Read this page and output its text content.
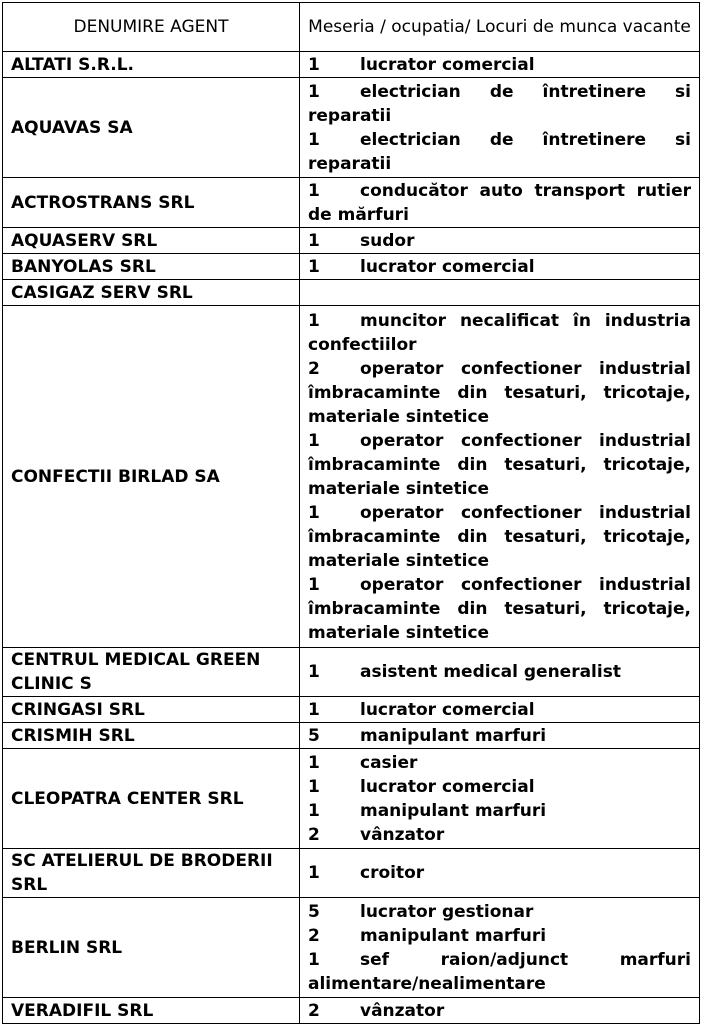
DENUMIRE AGENT	Meseria / ocupatia/ Locuri de munca vacante
ALTATI S.R.L.	1 lucrator comercial

AQUAVAS SA	1 electrician de întretinere si reparatii
1 electrician de întretinere si reparatii

ACTROSTRANS SRL	1 conducător auto transport rutier de mărfuri

AQUASERV SRL	1 sudor

BANYOLAS SRL	1 lucrator comercial

CASIGAZ SERV SRL	
CONFECTII BIRLAD SA	1 muncitor necalificat în industria confectiilor
2 operator confectioner industrial îmbracaminte din tesaturi, tricotaje, materiale sintetice
1 operator confectioner industrial îmbracaminte din tesaturi, tricotaje, materiale sintetice
1 operator confectioner industrial îmbracaminte din tesaturi, tricotaje, materiale sintetice
1 operator confectioner industrial îmbracaminte din tesaturi, tricotaje, materiale sintetice

CENTRUL MEDICAL GREEN CLINIC S	1 asistent medical generalist

CRINGASI SRL	1 lucrator comercial

CRISMIH SRL	5 manipulant marfuri

CLEOPATRA CENTER SRL	1 casier
1 lucrator comercial
1 manipulant marfuri
2 vânzator

SC ATELIERUL DE BRODERII SRL	1 croitor

BERLIN SRL	5 lucrator gestionar
2 manipulant marfuri
1 sef raion/adjunct marfuri alimentare/nealimentare

VERADIFIL SRL	2 vânzator
